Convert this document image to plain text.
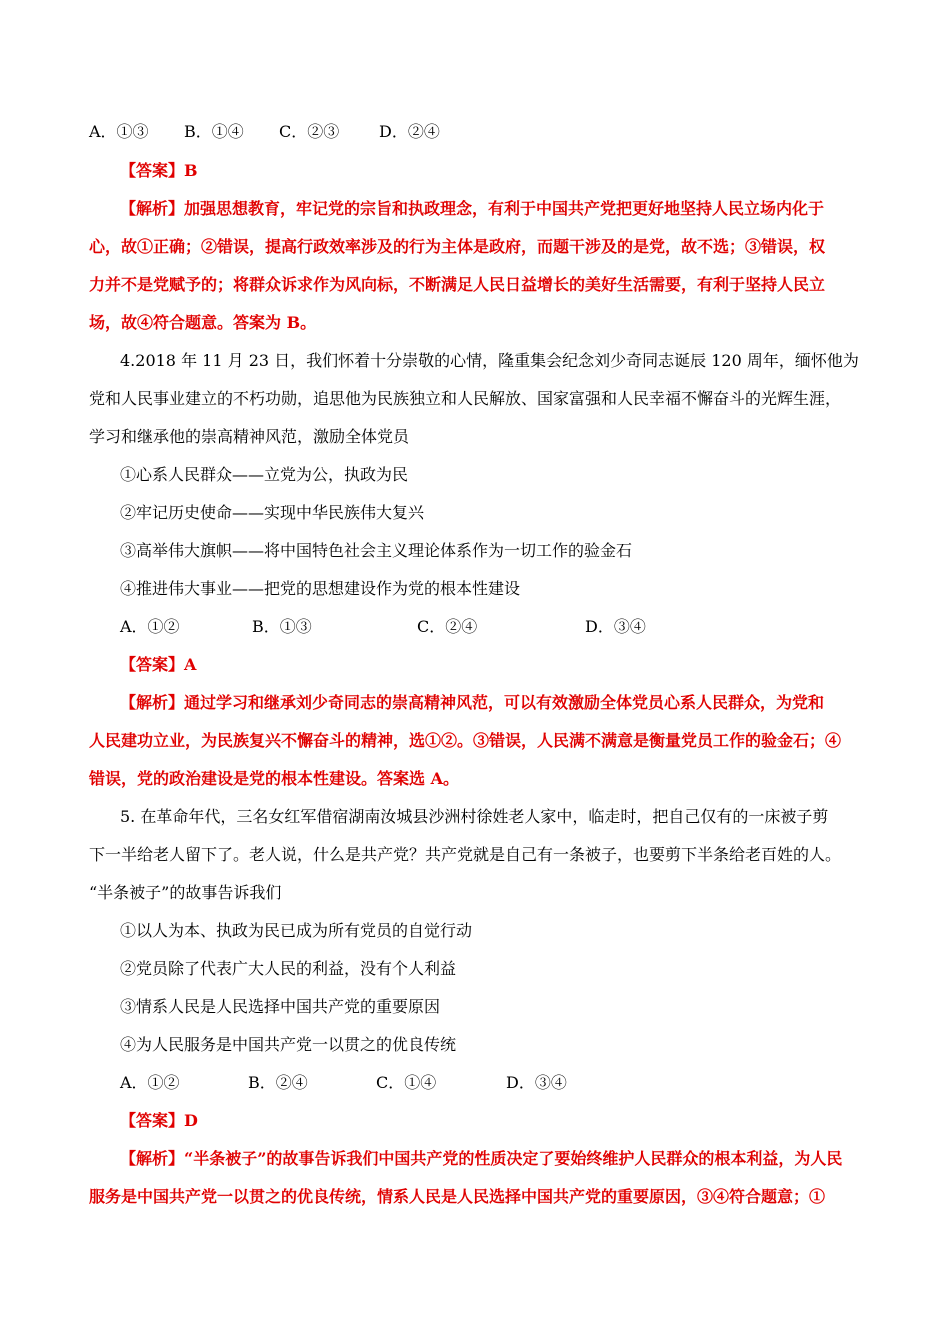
A．①③ B．①④ C．②③ D．②④
【答案】B
【解析】加强思想教育，牢记党的宗旨和执政理念，有利于中国共产党把更好地坚持人民立场内化于
心，故①正确；②错误，提高行政效率涉及的行为主体是政府，而题干涉及的是党，故不选；③错误，权
力并不是党赋予的；将群众诉求作为风向标，不断满足人民日益增长的美好生活需要，有利于坚持人民立
场，故④符合题意。答案为 B。
4.2018 年 11 月 23 日，我们怀着十分崇敬的心情，隆重集会纪念刘少奇同志诞辰 120 周年，缅怀他为
党和人民事业建立的不朽功勋，追思他为民族独立和人民解放、国家富强和人民幸福不懈奋斗的光辉生涯，
学习和继承他的崇高精神风范，激励全体党员
①心系人民群众——立党为公，执政为民
②牢记历史使命——实现中华民族伟大复兴
③高举伟大旗帜——将中国特色社会主义理论体系作为一切工作的验金石
④推进伟大事业——把党的思想建设作为党的根本性建设
A．①②	B．①③	C．②④	D．③④
【答案】A
【解析】通过学习和继承刘少奇同志的崇高精神风范，可以有效激励全体党员心系人民群众，为党和
人民建功立业，为民族复兴不懈奋斗的精神，选①②。③错误，人民满不满意是衡量党员工作的验金石；④
错误，党的政治建设是党的根本性建设。答案选 A。
5. 在革命年代，三名女红军借宿湖南汝城县沙洲村徐姓老人家中，临走时，把自己仅有的一床被子剪
下一半给老人留下了。老人说，什么是共产党？共产党就是自己有一条被子，也要剪下半条给老百姓的人。
“半条被子”的故事告诉我们
①以人为本、执政为民已成为所有党员的自觉行动
②党员除了代表广大人民的利益，没有个人利益
③情系人民是人民选择中国共产党的重要原因
④为人民服务是中国共产党一以贯之的优良传统
A．①②	B．②④	C．①④	D．③④
【答案】D
【解析】“半条被子”的故事告诉我们中国共产党的性质决定了要始终维护人民群众的根本利益，为人民
服务是中国共产党一以贯之的优良传统，情系人民是人民选择中国共产党的重要原因，③④符合题意；①
